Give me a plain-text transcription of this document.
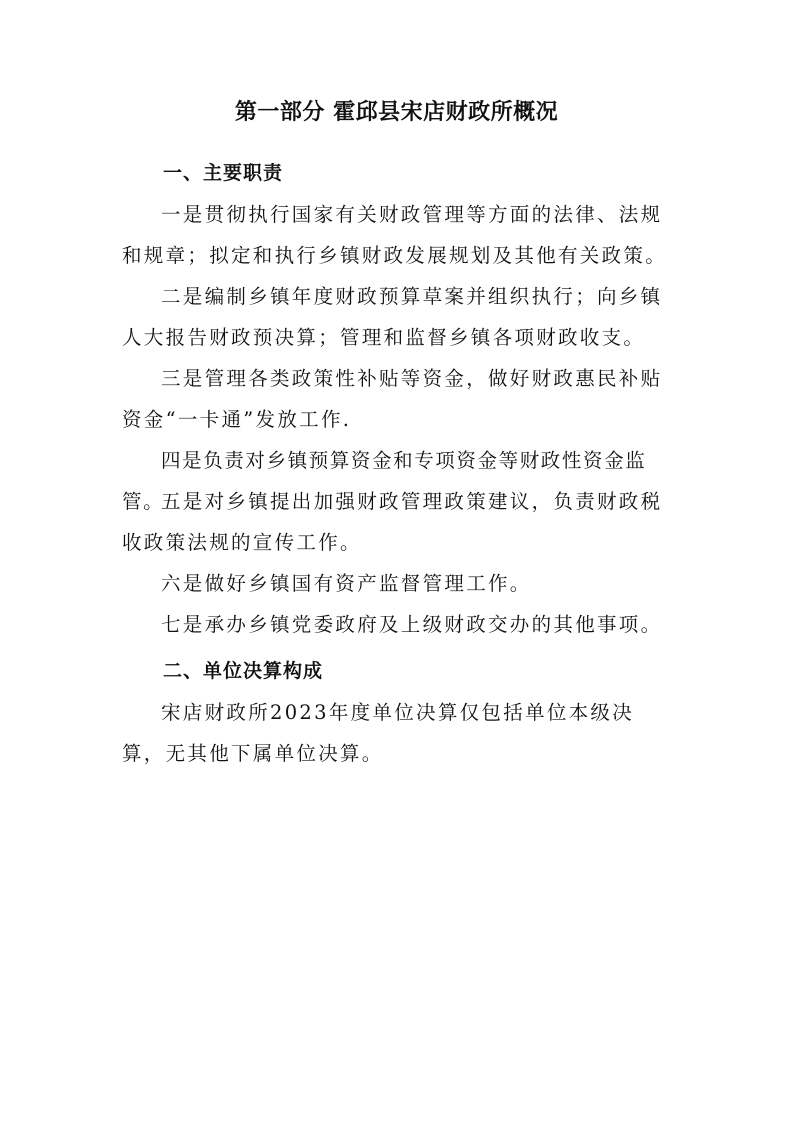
第一部分 霍邱县宋店财政所概况
一、主要职责

一是贯彻执行国家有关财政管理等方面的法律、法规和规章；拟定和执行乡镇财政发展规划及其他有关政策。

二是编制乡镇年度财政预算草案并组织执行；向乡镇人大报告财政预决算；管理和监督乡镇各项财政收支。

三是管理各类政策性补贴等资金，做好财政惠民补贴资金“一卡通”发放工作.

四是负责对乡镇预算资金和专项资金等财政性资金监管。

五是对乡镇提出加强财政管理政策建议，负责财政税收政策法规的宣传工作。

六是做好乡镇国有资产监督管理工作。

七是承办乡镇党委政府及上级财政交办的其他事项。

二、单位决算构成

宋店财政所2023年度单位决算仅包括单位本级决算，无其他下属单位决算。
